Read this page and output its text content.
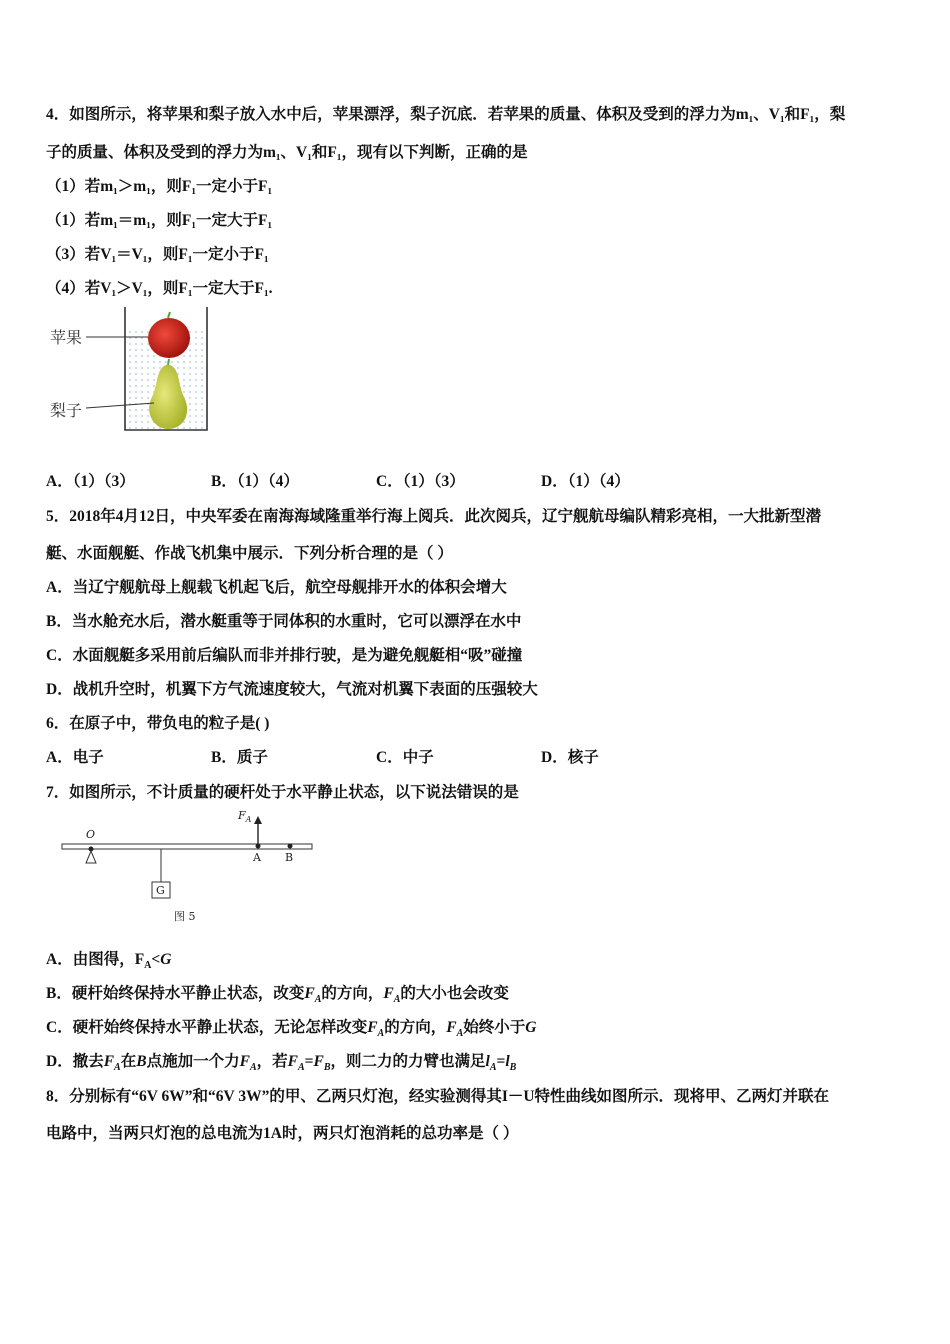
4．如图所示，将苹果和梨子放入水中后，苹果漂浮，梨子沉底．若苹果的质量、体积及受到的浮力为m₁、V₁和F₁，梨
子的质量、体积及受到的浮力为m₁、V₁和F₁，现有以下判断，正确的是
（1）若m₁＞m₁，则F₁一定小于F₁
（1）若m₁＝m₁，则F₁一定大于F₁
（3）若V₁＝V₁，则F₁一定小于F₁
（4）若V₁＞V₁，则F₁一定大于F₁.
苹果
梨子
A．（1）（3）	B．（1）（4）	C．（1）（3）	D．（1）（4）
5．2018年4月12日，中央军委在南海海域隆重举行海上阅兵．此次阅兵，辽宁舰航母编队精彩亮相，一大批新型潜
艇、水面舰艇、作战飞机集中展示．下列分析合理的是（ ）
A．当辽宁舰航母上舰载飞机起飞后，航空母舰排开水的体积会增大
B．当水舱充水后，潜水艇重等于同体积的水重时，它可以漂浮在水中
C．水面舰艇多采用前后编队而非并排行驶，是为避免舰艇相“吸”碰撞
D．战机升空时，机翼下方气流速度较大，气流对机翼下表面的压强较大
6．在原子中，带负电的粒子是( )
A．电子	B．质子	C．中子	D．核子
7．如图所示，不计质量的硬杆处于水平静止状态，以下说法错误的是
O
$F_A$
A B
G
图 5
A．由图得，$F_A<G$
B．硬杆始终保持水平静止状态，改变$F_A$的方向，$F_A$的大小也会改变
C．硬杆始终保持水平静止状态，无论怎样改变$F_A$的方向，$F_A$始终小于G
D．撤去$F_A$在B点施加一个力$F_A$，若$F_A=F_B$，则二力的力臂也满足$l_A=l_B$
8．分别标有“6V 6W”和“6V 3W”的甲、乙两只灯泡，经实验测得其I－U特性曲线如图所示．现将甲、乙两灯并联在
电路中，当两只灯泡的总电流为1A时，两只灯泡消耗的总功率是（ ）
